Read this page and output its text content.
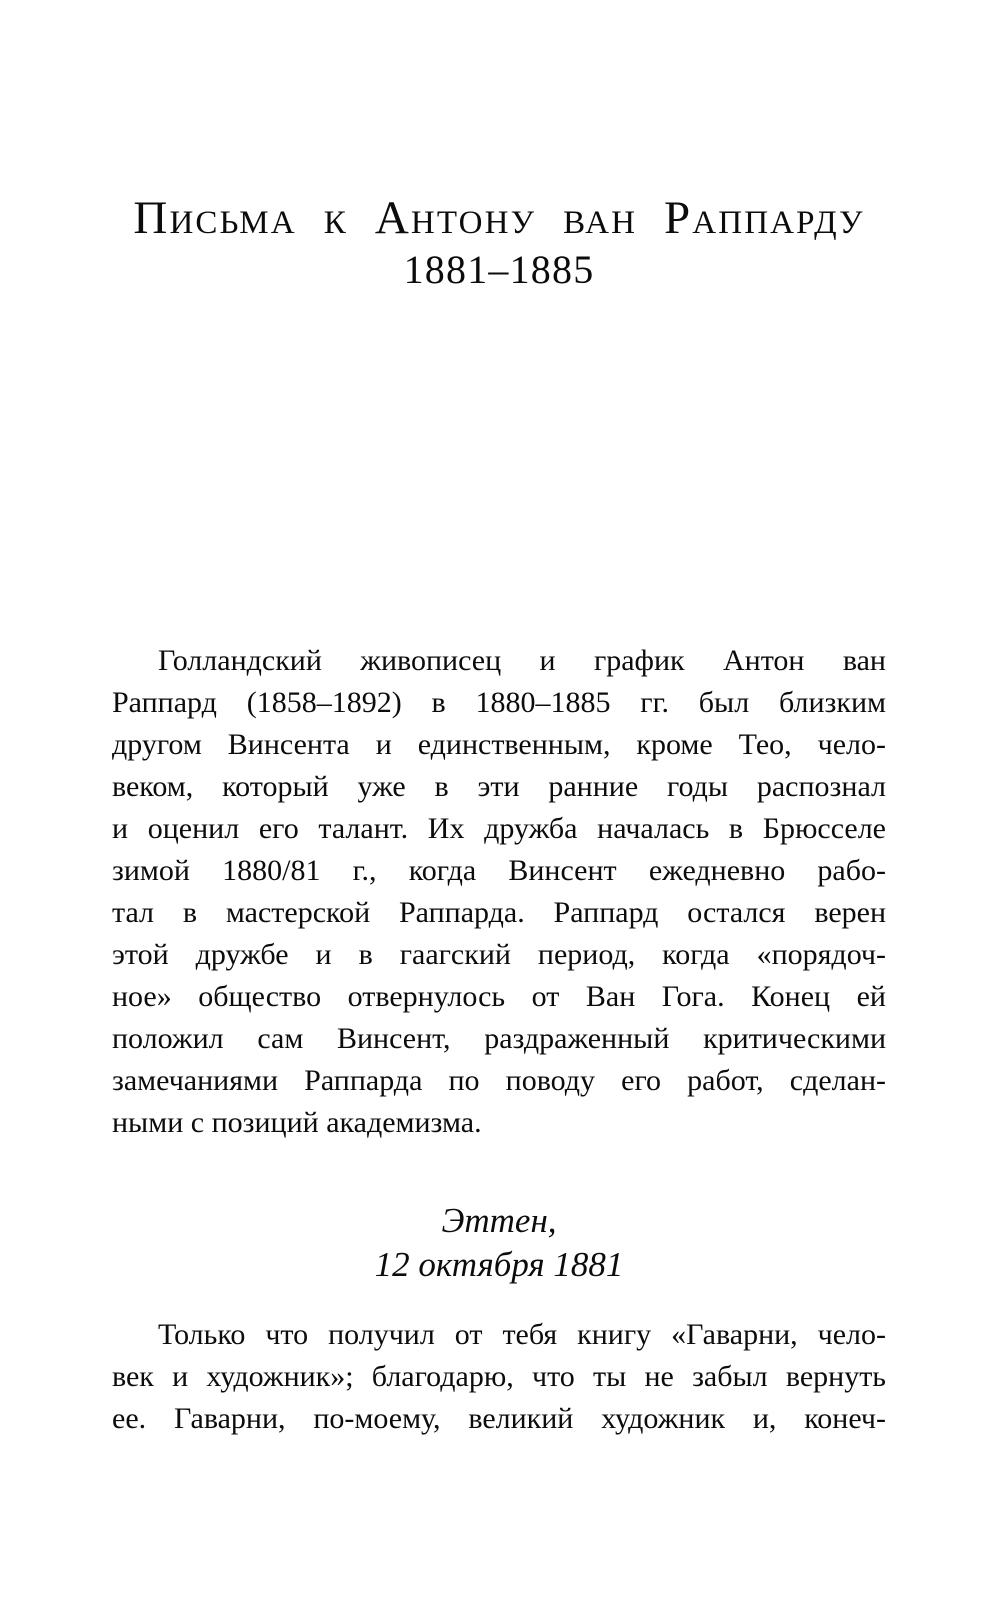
Письма к Антону ван Раппарду
1881–1885
Голландский живописец и график Антон ван
Раппард (1858–1892) в 1880–1885 гг. был близким
другом Винсента и единственным, кроме Тео, чело-
веком, который уже в эти ранние годы распознал
и оценил его талант. Их дружба началась в Брюсселе
зимой 1880/81 г., когда Винсент ежедневно рабо-
тал в мастерской Раппарда. Раппард остался верен
этой дружбе и в гаагский период, когда «порядоч-
ное» общество отвернулось от Ван Гога. Конец ей
положил сам Винсент, раздраженный критическими
замечаниями Раппарда по поводу его работ, сделан-
ными с позиций академизма.
Эттен,
12 октября 1881
Только что получил от тебя книгу «Гаварни, чело-
век и художник»; благодарю, что ты не забыл вернуть
ее. Гаварни, по-моему, великий художник и, конеч-
